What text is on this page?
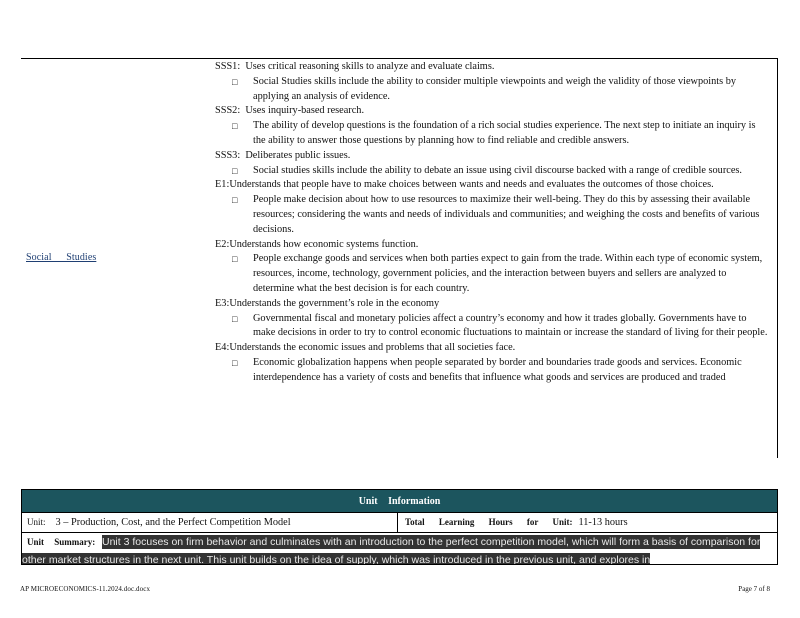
Social Studies

SSS1: Uses critical reasoning skills to analyze and evaluate claims.

□ Social Studies skills include the ability to consider multiple viewpoints and weigh the validity of those viewpoints by applying an analysis of evidence.

SSS2: Uses inquiry-based research.

□ The ability of develop questions is the foundation of a rich social studies experience. The next step to initiate an inquiry is the ability to answer those questions by planning how to find reliable and credible answers.

SSS3: Deliberates public issues.

□ Social studies skills include the ability to debate an issue using civil discourse backed with a range of credible sources.

E1:Understands that people have to make choices between wants and needs and evaluates the outcomes of those choices.

□ People make decision about how to use resources to maximize their well-being. They do this by assessing their available resources; considering the wants and needs of individuals and communities; and weighing the costs and benefits of various decisions.

E2:Understands how economic systems function.

□ People exchange goods and services when both parties expect to gain from the trade. Within each type of economic system, resources, income, technology, government policies, and the interaction between buyers and sellers are analyzed to determine what the best decision is for each country.

E3:Understands the government’s role in the economy

□ Governmental fiscal and monetary policies affect a country’s economy and how it trades globally. Governments have to make decisions in order to try to control economic fluctuations to maintain or increase the standard of living for their people.

E4:Understands the economic issues and problems that all societies face.

□ Economic globalization happens when people separated by border and boundaries trade goods and services. Economic interdependence has a variety of costs and benefits that influence what goods and services are produced and traded

Unit Information
Unit: 3 – Production, Cost, and the Perfect Competition Model	Total Learning Hours for Unit: 11-13 hours
Unit Summary: Unit 3 focuses on firm behavior and culminates with an introduction to the perfect competition model, which will form a basis of comparison for other market structures in the next unit. This unit builds on the idea of supply, which was introduced in the previous unit, and explores in
AP MICROECONOMICS-11.2024.doc.docx	Page 7 of 8
